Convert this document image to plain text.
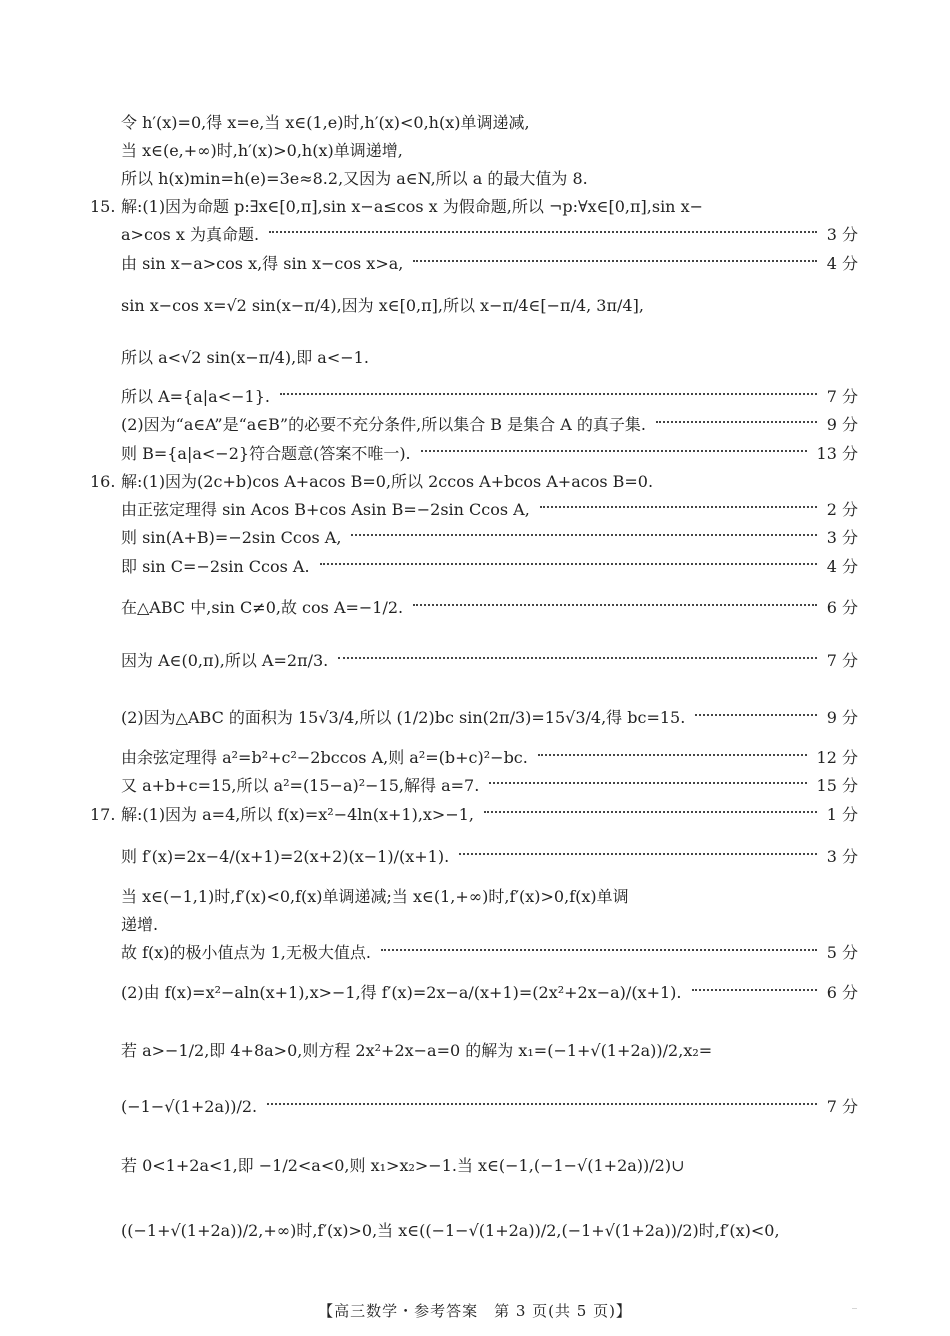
令 h′(x)=0,得 x=e,当 x∈(1,e)时,h′(x)<0,h(x)单调递减,
当 x∈(e,+∞)时,h′(x)>0,h(x)单调递增,
所以 h(x)min=h(e)=3e≈8.2,又因为 a∈N,所以 a 的最大值为 8.
15. 解:(1)因为命题 p:∃x∈[0,π],sin x−a≤cos x 为假命题,所以 ¬p:∀x∈[0,π],sin x−
a>cos x 为真命题.	3 分
由 sin x−a>cos x,得 sin x−cos x>a,	4 分
sin x−cos x=√2 sin(x−π/4),因为 x∈[0,π],所以 x−π/4∈[−π/4, 3π/4],
所以 a<√2 sin(x−π/4),即 a<−1.
所以 A={a|a<−1}.	7 分
(2)因为“a∈A”是“a∈B”的必要不充分条件,所以集合 B 是集合 A 的真子集.	9 分
则 B={a|a<−2}符合题意(答案不唯一).	13 分
16. 解:(1)因为(2c+b)cos A+acos B=0,所以 2ccos A+bcos A+acos B=0.
由正弦定理得 sin Acos B+cos Asin B=−2sin Ccos A,	2 分
则 sin(A+B)=−2sin Ccos A,	3 分
即 sin C=−2sin Ccos A.	4 分
在△ABC 中,sin C≠0,故 cos A=−1/2.	6 分
因为 A∈(0,π),所以 A=2π/3.	7 分
(2)因为△ABC 的面积为 15√3/4,所以 (1/2)bc sin(2π/3)=15√3/4,得 bc=15.	9 分
由余弦定理得 a²=b²+c²−2bccos A,则 a²=(b+c)²−bc.	12 分
又 a+b+c=15,所以 a²=(15−a)²−15,解得 a=7.	15 分
17. 解:(1)因为 a=4,所以 f(x)=x²−4ln(x+1),x>−1,	1 分
则 f′(x)=2x−4/(x+1)=2(x+2)(x−1)/(x+1).	3 分
当 x∈(−1,1)时,f′(x)<0,f(x)单调递减;当 x∈(1,+∞)时,f′(x)>0,f(x)单调
递增.
故 f(x)的极小值点为 1,无极大值点.	5 分
(2)由 f(x)=x²−aln(x+1),x>−1,得 f′(x)=2x−a/(x+1)=(2x²+2x−a)/(x+1).	6 分
若 a>−1/2,即 4+8a>0,则方程 2x²+2x−a=0 的解为 x₁=(−1+√(1+2a))/2,x₂=
(−1−√(1+2a))/2.	7 分
若 0<1+2a<1,即 −1/2<a<0,则 x₁>x₂>−1.当 x∈(−1,(−1−√(1+2a))/2)∪
((−1+√(1+2a))/2,+∞)时,f′(x)>0,当 x∈((−1−√(1+2a))/2,(−1+√(1+2a))/2)时,f′(x)<0,
【高三数学・参考答案　第 3 页(共 5 页)】	_
